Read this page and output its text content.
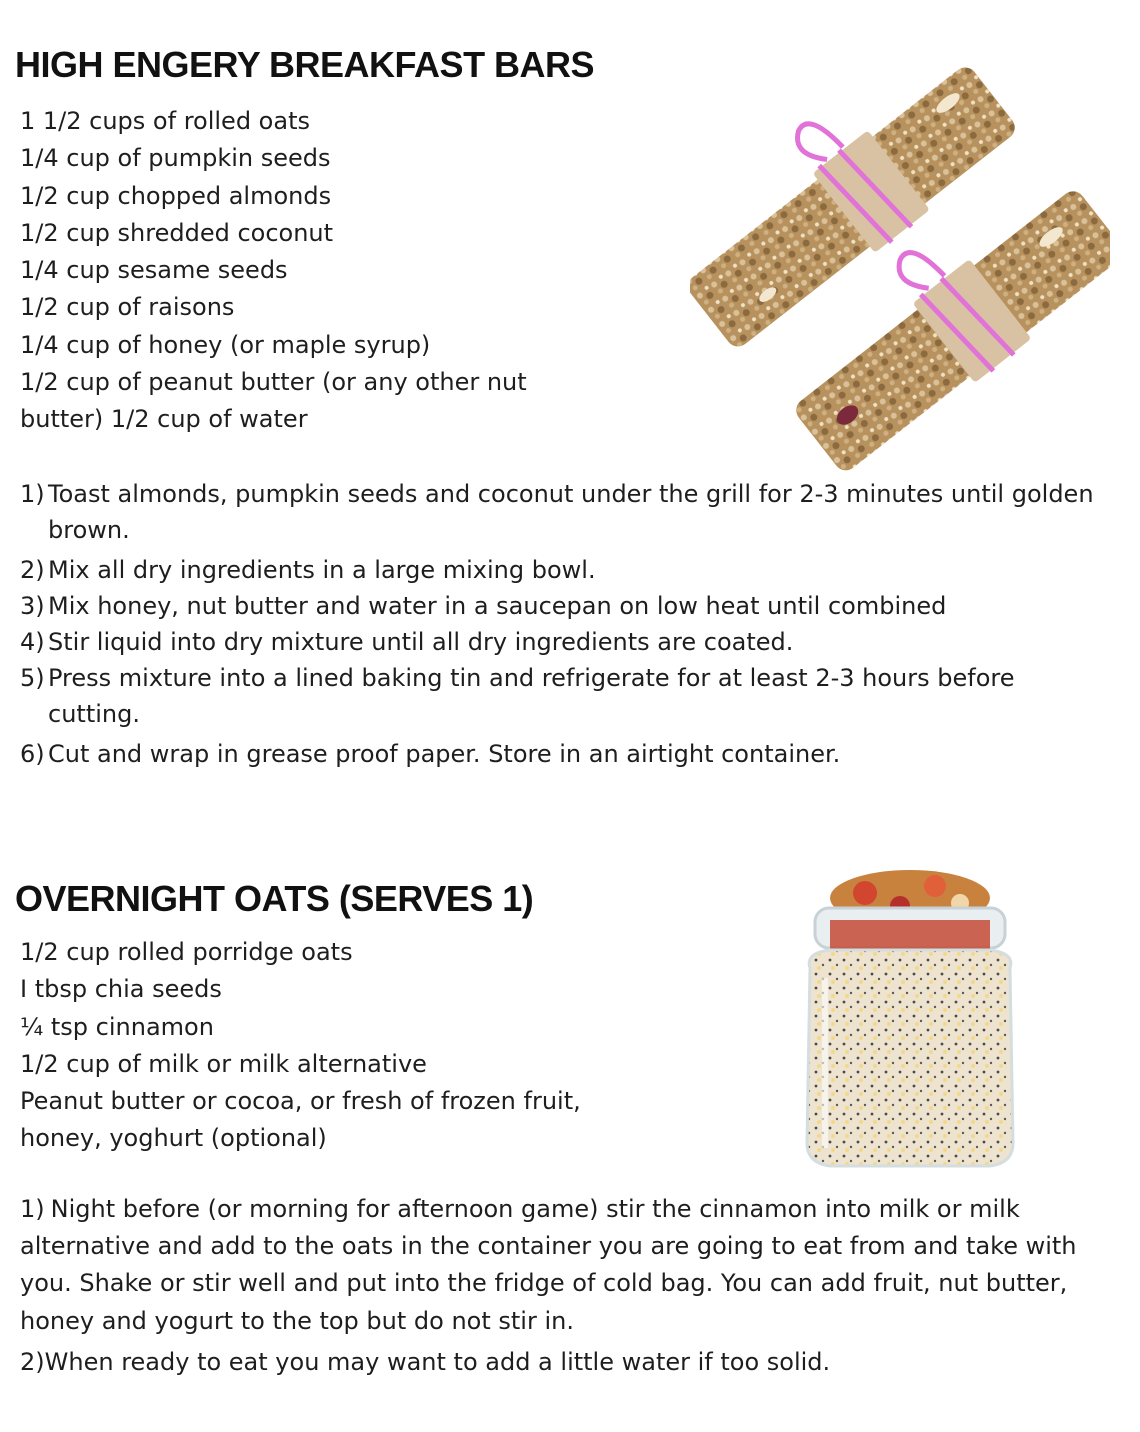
HIGH ENGERY BREAKFAST BARS
1 1/2 cups of rolled oats
1/4 cup of pumpkin seeds
1/2 cup chopped almonds
1/2 cup shredded coconut
1/4 cup sesame seeds
1/2 cup of raisons
1/4 cup of honey (or maple syrup)
1/2 cup of peanut butter (or any other nut
butter) 1/2 cup of water
1) Toast almonds, pumpkin seeds and coconut under the grill for 2-3 minutes until golden brown.
2) Mix all dry ingredients in a large mixing bowl.
3) Mix honey, nut butter and water in a saucepan on low heat until combined
4) Stir liquid into dry mixture until all dry ingredients are coated.
5) Press mixture into a lined baking tin and refrigerate for at least 2-3 hours before cutting.
6) Cut and wrap in grease proof paper. Store in an airtight container.
OVERNIGHT OATS (SERVES 1)
1/2 cup rolled porridge oats
I tbsp chia seeds
¼ tsp cinnamon
1/2 cup of milk or milk alternative
Peanut butter or cocoa, or fresh of frozen fruit,
honey, yoghurt (optional)
1) Night before (or morning for afternoon game) stir the cinnamon into milk or milk alternative and add to the oats in the container you are going to eat from and take with you. Shake or stir well and put into the fridge of cold bag. You can add fruit, nut butter, honey and yogurt to the top but do not stir in.
2)When ready to eat you may want to add a little water if too solid.
